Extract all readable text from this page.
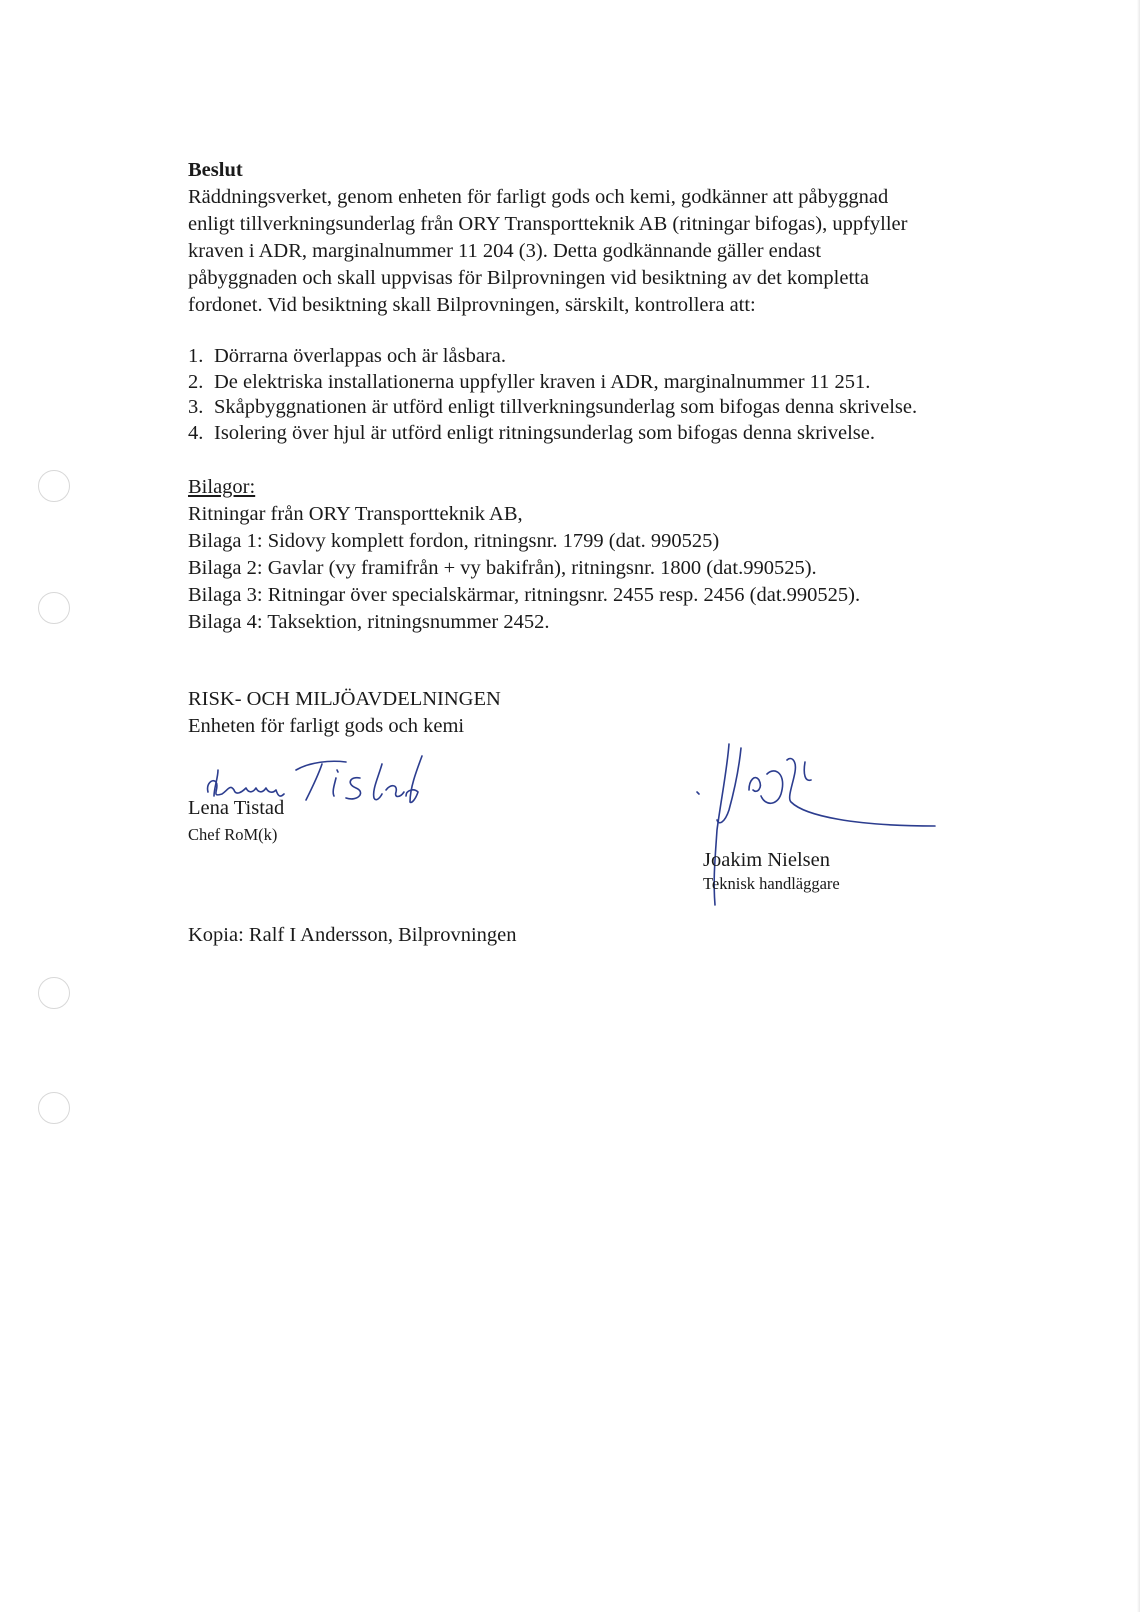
Beslut
Räddningsverket, genom enheten för farligt gods och kemi, godkänner att påbyggnad
enligt tillverkningsunderlag från ORY Transportteknik AB (ritningar bifogas), uppfyller
kraven i ADR, marginalnummer 11 204 (3). Detta godkännande gäller endast
påbyggnaden och skall uppvisas för Bilprovningen vid besiktning av det kompletta
fordonet. Vid besiktning skall Bilprovningen, särskilt, kontrollera att:
1. Dörrarna överlappas och är låsbara.
2. De elektriska installationerna uppfyller kraven i ADR, marginalnummer 11 251.
3. Skåpbyggnationen är utförd enligt tillverkningsunderlag som bifogas denna skrivelse.
4. Isolering över hjul är utförd enligt ritningsunderlag som bifogas denna skrivelse.
Bilagor:
Ritningar från ORY Transportteknik AB,
Bilaga 1: Sidovy komplett fordon, ritningsnr. 1799 (dat. 990525)
Bilaga 2: Gavlar (vy framifrån + vy bakifrån), ritningsnr. 1800 (dat.990525).
Bilaga 3: Ritningar över specialskärmar, ritningsnr. 2455 resp. 2456 (dat.990525).
Bilaga 4: Taksektion, ritningsnummer 2452.
RISK- OCH MILJÖAVDELNINGEN
Enheten för farligt gods och kemi
Lena Tistad
Chef RoM(k)
Joakim Nielsen
Teknisk handläggare
Kopia: Ralf I Andersson, Bilprovningen
